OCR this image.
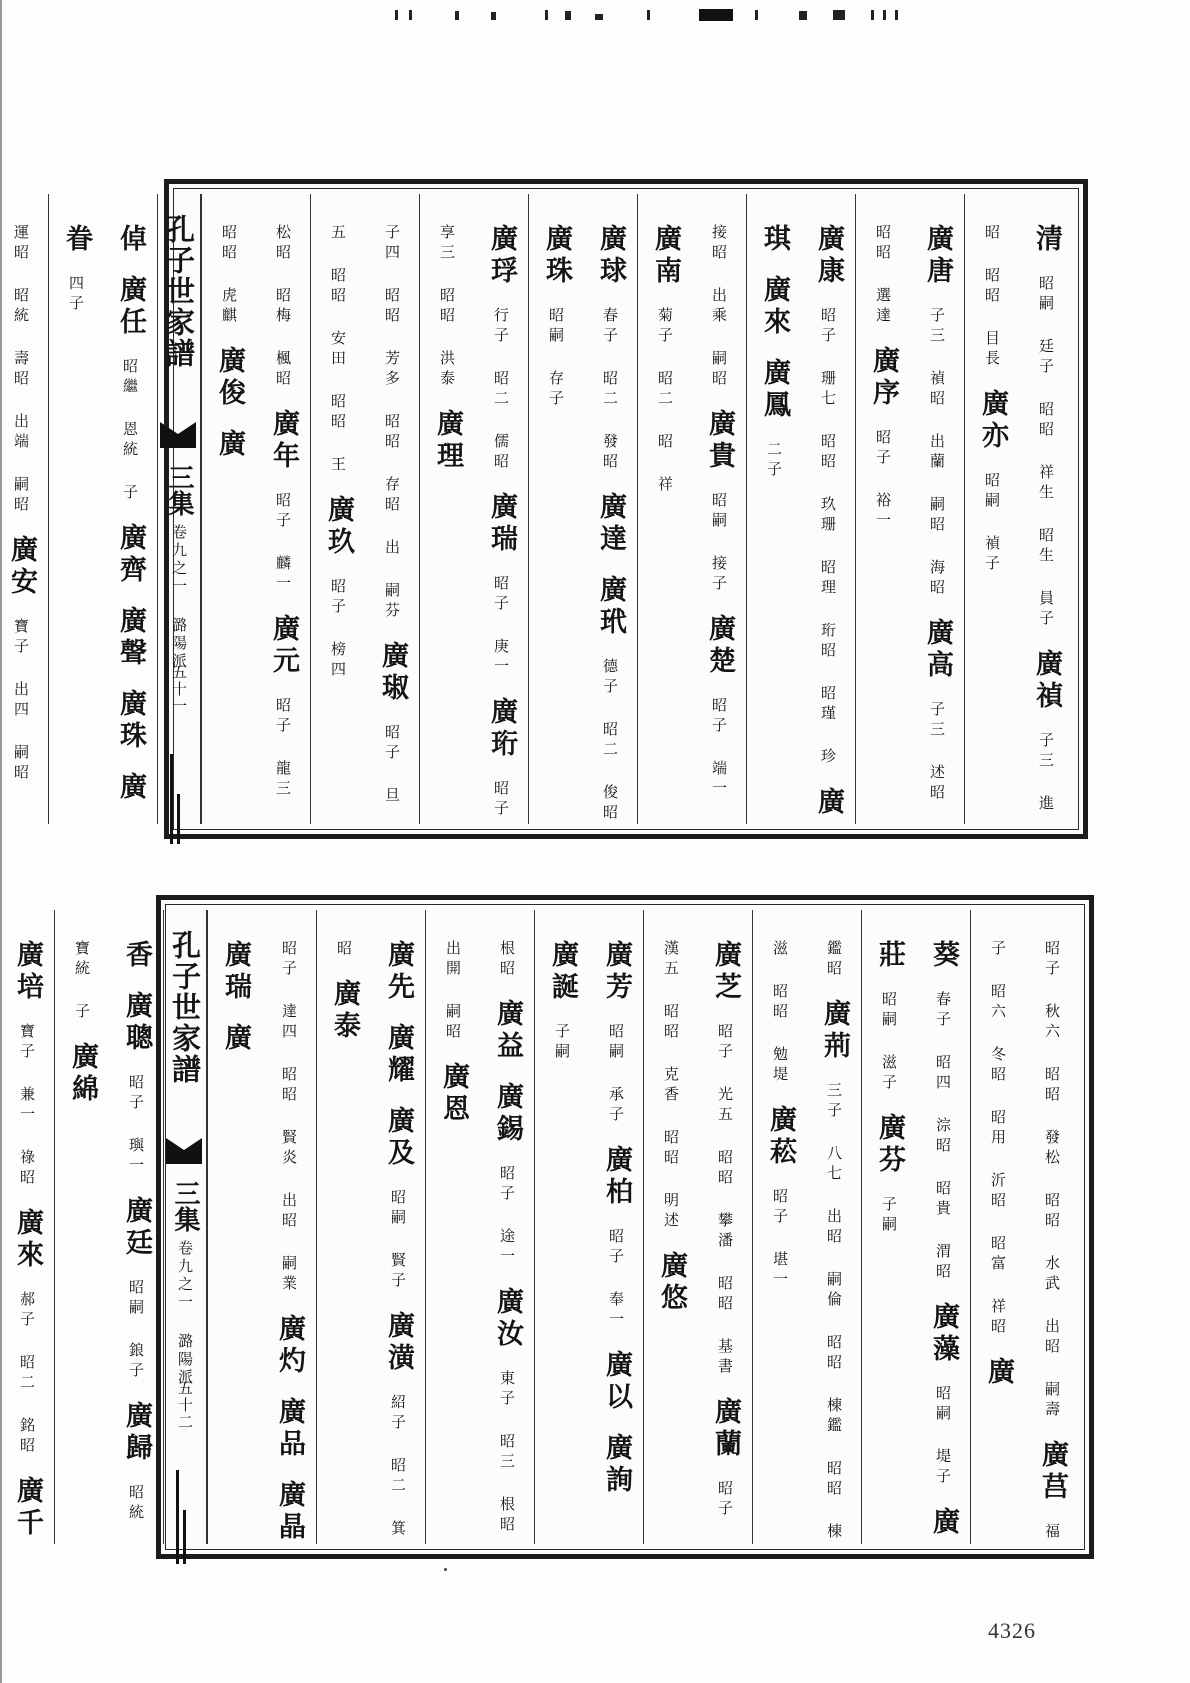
清 昭嗣 廷子 昭昭 祥生 昭生 員子 廣禎 子三 進昭 昭昭 目長 廣亦 昭嗣 禎子
廣唐 子三 禎昭 出蘭 嗣昭 海昭 廣高 子三 述昭 昭昭 選達 廣序 昭子 裕一
廣康 昭子 珊七 昭昭 玖珊 昭理 珩昭 昭瑾 珍 廣琪 廣來 廣鳳 二子
接昭 出乘 嗣昭 廣貴 昭嗣 接子 廣楚 昭子 端一 廣南 菊子 昭二 昭 祥
廣球 春子 昭二 發昭 廣達 廣玳 德子 昭二 俊昭 廣珠 昭嗣 存子
廣琈 行子 昭二 儒昭 廣瑞 昭子 庚一 廣珩 昭子 享三 昭昭 洪泰 廣理
子四 昭昭 芳多 昭昭 存昭 出 嗣芬 廣琡 昭子 旦五 昭昭 安田 昭昭 王 廣玖 昭子 榜四
松昭 昭梅 楓昭 廣年 昭子 麟一 廣元 昭子 龍三 昭昭 虎麒 廣俊 廣
孔子世家譜
三集
卷九之一 潞陽派
五十一
倬 廣任 昭繼 恩統 子 廣齊 廣聲 廣珠 廣眷 四子
運昭 昭統 壽昭 出端 嗣昭 廣安 寶子 出四 嗣昭
昭子 秋六 昭昭 發松 昭昭 水武 出昭 嗣壽 廣莒 福子 昭六 冬昭 昭用 沂昭 昭富 祥昭 廣
葵 春子 昭四 淙昭 昭貴 渭昭 廣藻 昭嗣 堤子 廣莊 昭嗣 滋子 廣芬 子嗣
鑑昭 廣荊 三子 八七 出昭 嗣倫 昭昭 棟鑑 昭昭 棟滋 昭昭 勉堤 廣菘 昭子 堪一
廣芝 昭子 光五 昭昭 攀潘 昭昭 基書 廣蘭 昭子 漢五 昭昭 克香 昭昭 明述 廣悠
廣芳 昭嗣 承子 廣柏 昭子 奉一 廣以 廣詢 廣誕 子嗣
根昭 廣益 廣錫 昭子 途一 廣汝 東子 昭三 根昭 出開 嗣昭 廣恩
廣先 廣耀 廣及 昭嗣 賢子 廣潢 紹子 昭二 箕昭 廣泰
昭子 達四 昭昭 賢炎 出昭 嗣業 廣灼 廣品 廣晶 廣瑞 廣
孔子世家譜
三集
卷九之一 潞陽派
五十二
香 廣聰 昭子 璵一 廣廷 昭嗣 鋃子 廣歸 昭統 寶統 子 廣綿
廣培 寶子 兼一 祿昭 廣來 郝子 昭二 銘昭 廣千
4326
